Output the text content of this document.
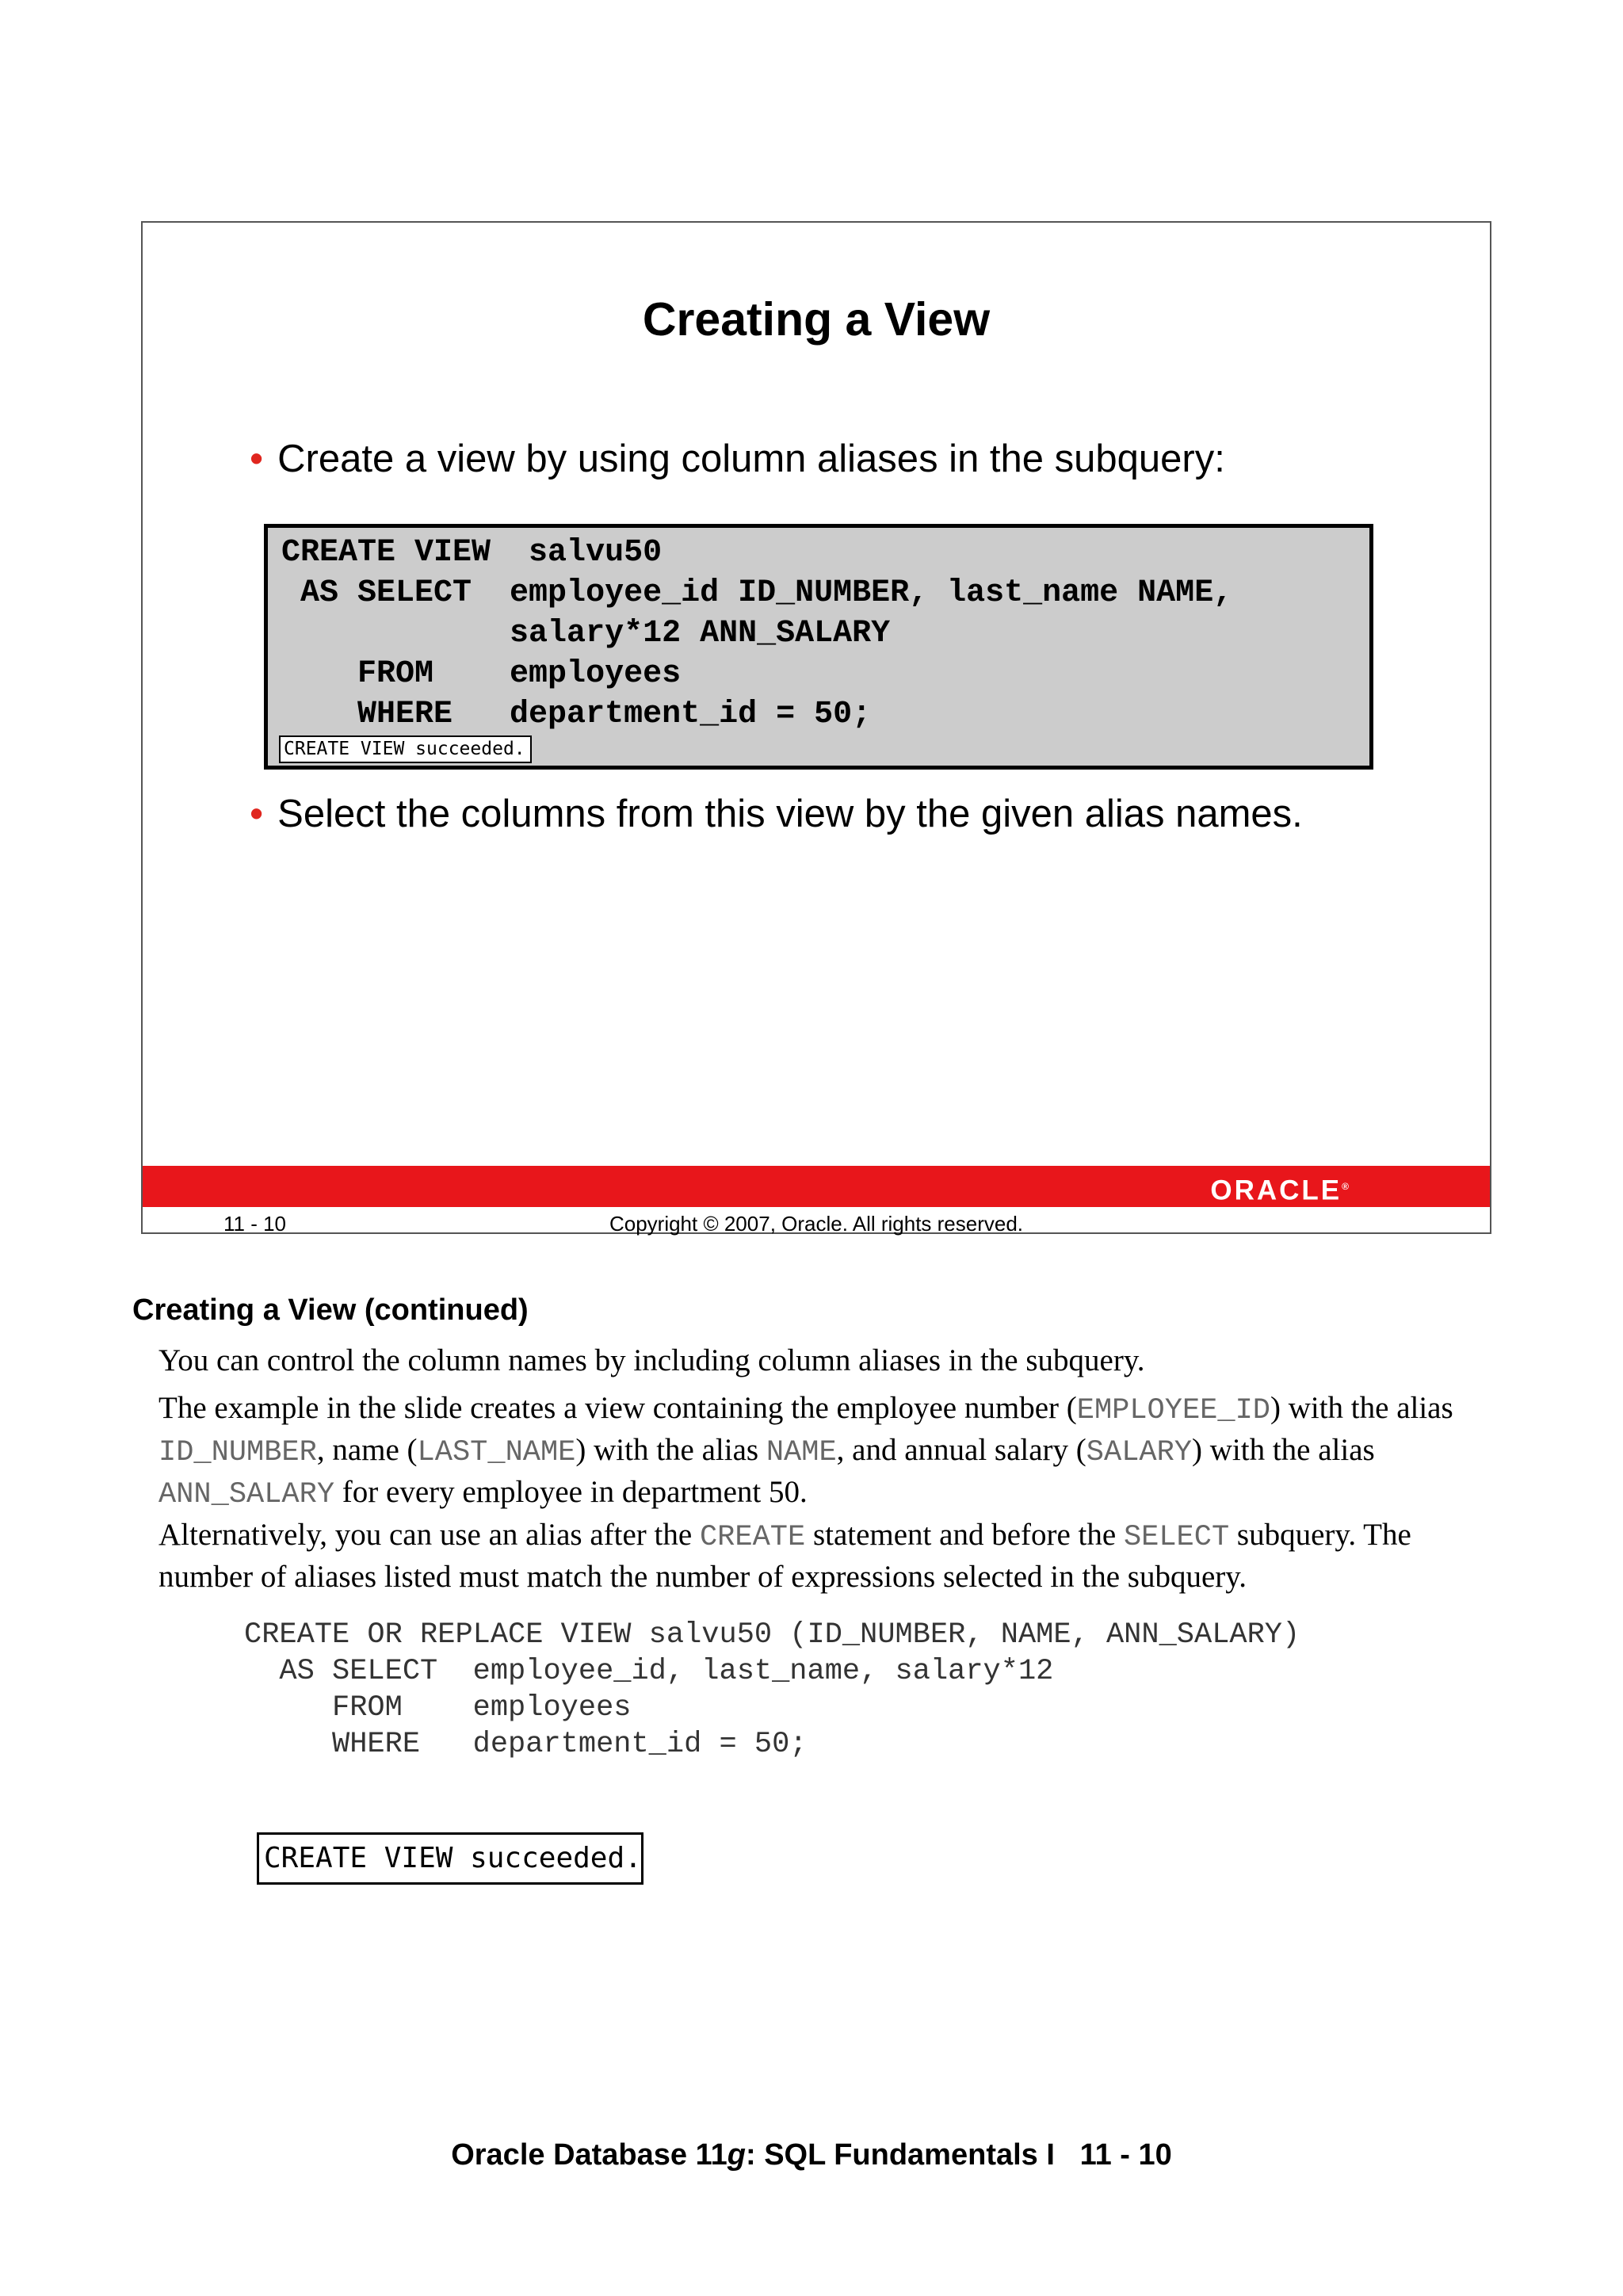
Creating a View
• Create a view by using column aliases in the subquery:
CREATE VIEW  salvu50
AS SELECT  employee_id ID_NUMBER, last_name NAME,
salary*12 ANN_SALARY
FROM    employees
WHERE   department_id = 50;
CREATE VIEW succeeded.
• Select the columns from this view by the given alias names.
ORACLE®
11 - 10	Copyright © 2007, Oracle. All rights reserved.
Creating a View (continued)
You can control the column names by including column aliases in the subquery.
The example in the slide creates a view containing the employee number (EMPLOYEE_ID) with the alias ID_NUMBER, name (LAST_NAME) with the alias NAME, and annual salary (SALARY) with the alias ANN_SALARY for every employee in department 50.
Alternatively, you can use an alias after the CREATE statement and before the SELECT subquery. The number of aliases listed must match the number of expressions selected in the subquery.
CREATE OR REPLACE VIEW salvu50 (ID_NUMBER, NAME, ANN_SALARY)
AS SELECT  employee_id, last_name, salary*12
FROM    employees
WHERE   department_id = 50;
CREATE VIEW succeeded.
Oracle Database 11g: SQL Fundamentals I   11 - 10
